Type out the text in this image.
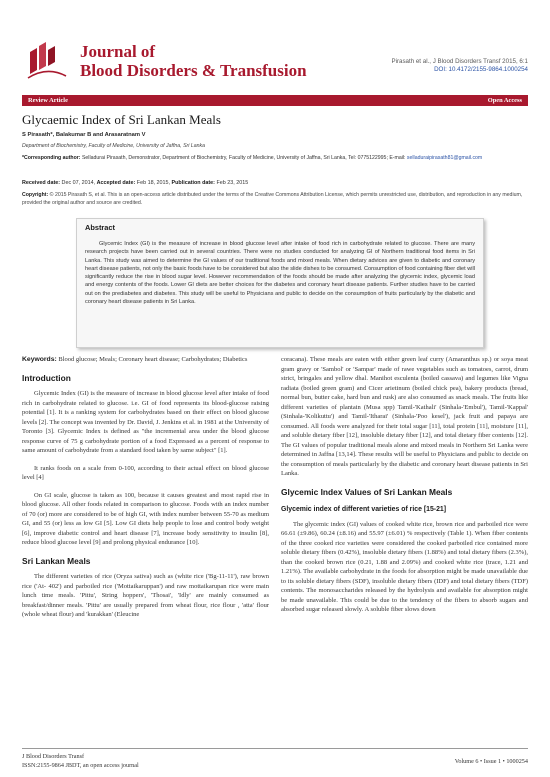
Journal of
Blood Disorders & Transfusion	Pirasath et al., J Blood Disorders Transf 2015, 6:1
DOI: 10.4172/2155-9864.1000254
Review Article	Open Access
Glycaemic Index of Sri Lankan Meals
S Pirasath*, Balakumar B and Arasaratnam V
Department of Biochemistry, Faculty of Medicine, University of Jaffna, Sri Lanka
*Corresponding author: Selladurai Pirasath, Demonstrator, Department of Biochemistry, Faculty of Medicine, University of Jaffna, Sri Lanka, Tel: 0775122995; E-mail: selladuraipirasath81@gmail.com
Received date: Dec 07, 2014, Accepted date: Feb 18, 2015, Publication date: Feb 23, 2015
Copyright: © 2015 Pirasath S, et al. This is an open-access article distributed under the terms of the Creative Commons Attribution License, which permits unrestricted use, distribution, and reproduction in any medium, provided the original author and source are credited.
Abstract

Glycemic Index (GI) is the measure of increase in blood glucose level after intake of food rich in carbohydrate related to glucose. There are many research projects have been carried out in several countries. There were no studies conducted for analyzing GI of Northern traditional food items in Sri Lanka. This study was aimed to determine the GI values of our traditional foods and mixed meals. When dietary advices are given to diabetic and coronary heart disease patients, not only the basic foods have to be considered but also the slide dishes to be consumed. Consumption of food containing fiber diet will significantly reduce the rise in blood sugar level. However recommendation of the foods should be made after analyzing the glycemic index, glycemic load and energy contents of the foods. Lower GI diets are better choices for the diabetes and coronary heart disease patients. Further studies have to be carried out on the prediabetes and diabetes. This study will be useful to Physicians and public to decide on the consumption of fruits particularly by the diabetic and coronary heart disease patients in Sri Lanka.

Keywords: Blood glucose; Meals; Coronary heart disease; Carbohydrates; Diabetics

Introduction

Glycemic Index (GI) is the measure of increase in blood glucose level after intake of food rich in carbohydrate related to glucose. i.e. GI of food represents its blood-glucose raising potential [1]. It is a ranking system for carbohydrates based on their effect on blood glucose levels [2]. The concept was invented by Dr. David, J. Jenkins et al. in 1981 at the University of Toronto [3]. Glycemic Index is defined as "the incremental area under the blood glucose response curve of 75 g carbohydrate portion of a food Expressed as a percent of response to same amount of carbohydrate from a standard food taken by same subject" [1].

It ranks foods on a scale from 0-100, according to their actual effect on blood glucose level [4]

On GI scale, glucose is taken as 100, because it causes greatest and most rapid rise in blood glucose. All other foods related in comparison to glucose. Foods with an index number of 70 (or) more are considered to be of high GI, with index number between 55-70 as medium GI, and 55 (or) less as low GI [5]. Low GI diets help people to lose and control body weight [6], improve diabetic control and heart disease [7], increase body sensitivity to insulin [8], reduce blood glucose level [9] and prolong physical endurance [10].

Sri Lankan Meals

The different varieties of rice (Oryza sativa) such as (white rice ('Bg-11-11'), raw brown rice ('At- 402') and parboiled rice ('Mottaikaruppan') and raw mottaikarupan rice were main lunch time meals. 'Pittu', String hoppers', 'Thosai', 'Idly' are mainly consumed as breakfast/dinner meals. 'Pittu' are usually prepared from wheat flour, rice flour , 'atta' flour (whole wheat flour) and 'kurakkan' (Eleucine

coracana). These meals are eaten with either green leaf curry (Amaranthus sp.) or soya meat gram gravy or 'Sambol' or 'Sampar' made of rawe vegetables such as tomatoes, carrot, drum strict, bringales and yellow dhal. Manihot esculenta (boiled cassava) and legumes like Vigna radiata (boiled green gram) and Cicer arietinum (boiled chick pea), bakery products (bread, normal bun, butter cake, hard bun and rusk) are also consumed as snack meals. The fruits like different varieties of plantain (Musa spp) Tamil-'Kathali' (Sinhala-'Embul'), Tamil-'Kappal' (Sinhala-'Kolikuttu') and Tamil-'Itharai' (Sinhala-'Poo kesel'), jack fruit and papaya are consumed. All foods were analyzed for their total sugar [11], total protein [11], moisture [11], and soluble dietary fiber [12], insoluble dietary fiber [12], and total dietary fiber contents [12]. The GI values of popular traditional meals alone and mixed meals in Northern Sri Lanka were determined in Jaffna [13,14]. These results will be useful to Physicians and public to decide on the consumption of meals particularly by the diabetic and coronary heart disease patients in Sri Lanka.

Glycemic Index Values of Sri Lankan Meals
Glycemic index of different varieties of rice [15-21]

The glycemic index (GI) values of cooked white rice, brown rice and parboiled rice were 66.61 (±9.86), 60.24 (±8.16) and 55.97 (±6.01) % respectively (Table 1). When fiber contents of the three cooked rice varieties were considered the cooked parboiled rice contained more soluble dietary fibers (0.42%), insoluble dietary fibers (1.88%) and total dietary fibers (2.3%), than the cooked brown rice (0.21, 1.88 and 2.09%) and cooked white rice (trace, 1.21 and 1.21%). The available carbohydrate in the foods for absorption might be made unavailable due to its soluble dietary fibers (SDF), insoluble dietary fibers (IDF) and total dietary fibers (TDF) contents. The monosaccharides released by the hydrolysis and available for absorption might be made unavailable. This could be due to the tendency of the fibers to absorb sugars and absorbed sugar released slowly. A soluble fiber slows down

J Blood Disorders Transf
ISSN:2155-9864 JBDT, an open access journal
Volume 6 • Issue 1 • 1000254
